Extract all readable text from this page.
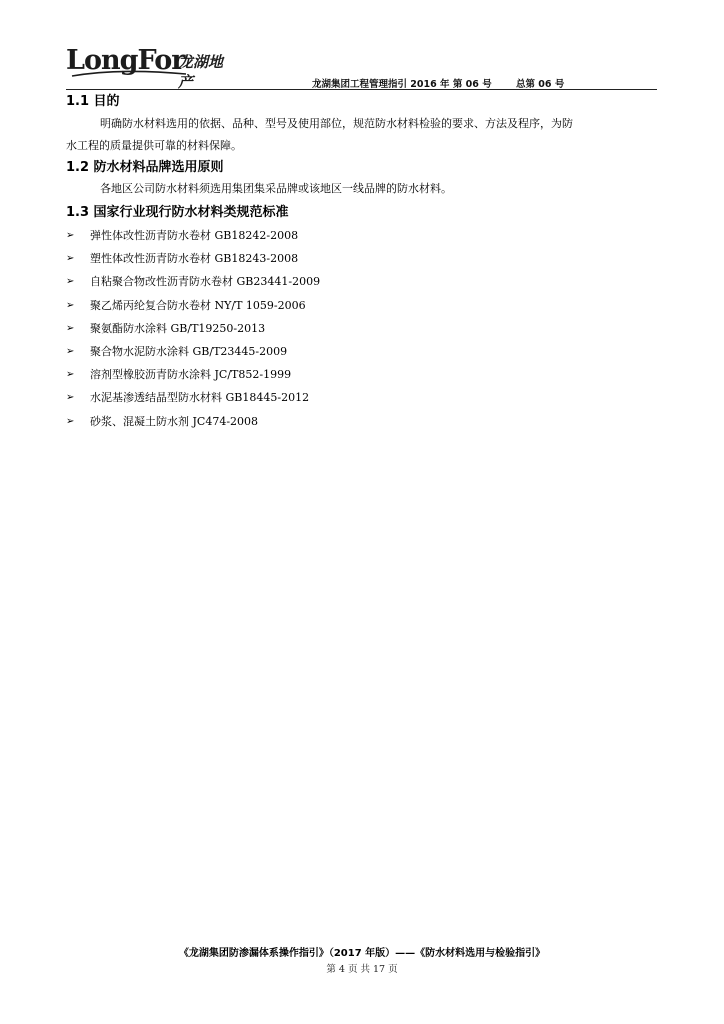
LongFor
龙湖地产	龙湖集团工程管理指引 2016 年 第 06 号	总第 06 号

1.1 目的

明确防水材料选用的依据、品种、型号及使用部位，规范防水材料检验的要求、方法及程序，为防

水工程的质量提供可靠的材料保障。

1.2 防水材料品牌选用原则

各地区公司防水材料须选用集团集采品牌或该地区一线品牌的防水材料。

1.3 国家行业现行防水材料类规范标准

➢ 弹性体改性沥青防水卷材 GB18242-2008
➢ 塑性体改性沥青防水卷材 GB18243-2008
➢ 自粘聚合物改性沥青防水卷材 GB23441-2009
➢ 聚乙烯丙纶复合防水卷材 NY/T 1059-2006
➢ 聚氨酯防水涂料 GB/T19250-2013
➢ 聚合物水泥防水涂料 GB/T23445-2009
➢ 溶剂型橡胶沥青防水涂料 JC/T852-1999
➢ 水泥基渗透结晶型防水材料 GB18445-2012
➢ 砂浆、混凝土防水剂 JC474-2008
《龙湖集团防渗漏体系操作指引》（2017 年版）——《防水材料选用与检验指引》
第 4 页 共 17 页
